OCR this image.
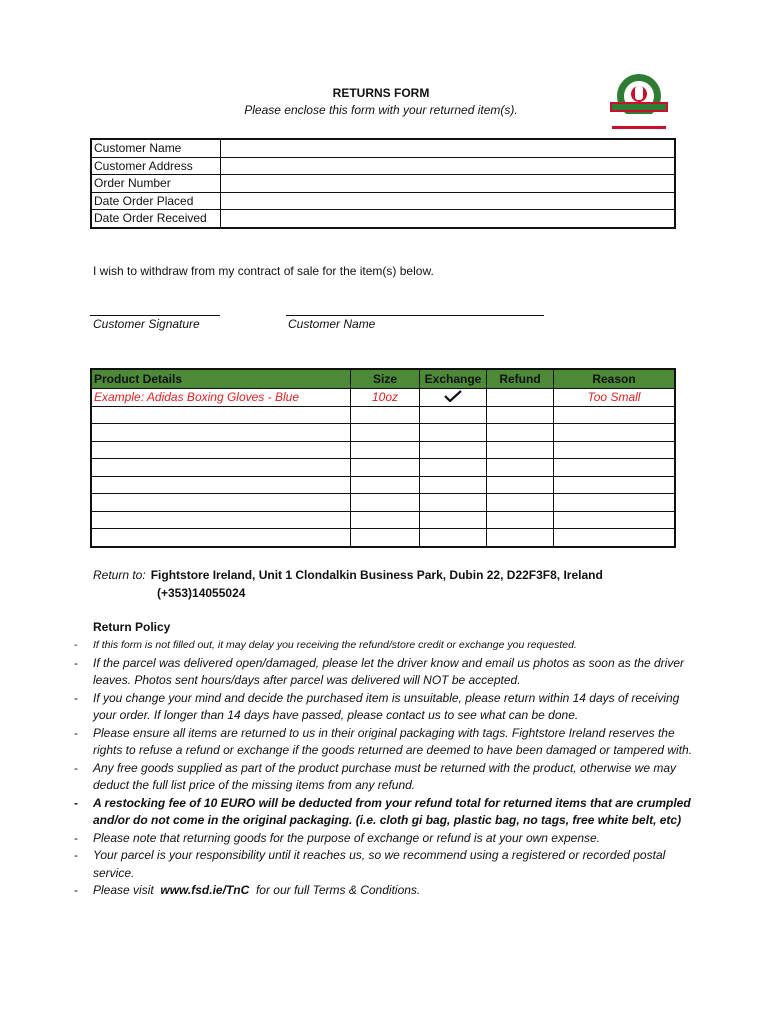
RETURNS FORM
Please enclose this form with your returned item(s).
Customer Name	
Customer Address	
Order Number	
Date Order Placed	
Date Order Received	
I wish to withdraw from my contract of sale for the item(s) below.
Customer Signature	Customer Name
Product Details	Size	Exchange	Refund	Reason
Example: Adidas Boxing Gloves - Blue	10oz			Too Small

Return to: Fightstore Ireland, Unit 1 Clondalkin Business Park, Dubin 22, D22F3F8, Ireland
(+353)14055024
Return Policy
- If this form is not filled out, it may delay you receiving the refund/store credit or exchange you requested.
- If the parcel was delivered open/damaged, please let the driver know and email us photos as soon as the driver leaves. Photos sent hours/days after parcel was delivered will NOT be accepted.
- If you change your mind and decide the purchased item is unsuitable, please return within 14 days of receiving your order. If longer than 14 days have passed, please contact us to see what can be done.
- Please ensure all items are returned to us in their original packaging with tags. Fightstore Ireland reserves the rights to refuse a refund or exchange if the goods returned are deemed to have been damaged or tampered with.
- Any free goods supplied as part of the product purchase must be returned with the product, otherwise we may deduct the full list price of the missing items from any refund.
- A restocking fee of 10 EURO will be deducted from your refund total for returned items that are crumpled and/or do not come in the original packaging. (i.e. cloth gi bag, plastic bag, no tags, free white belt, etc)
- Please note that returning goods for the purpose of exchange or refund is at your own expense.
- Your parcel is your responsibility until it reaches us, so we recommend using a registered or recorded postal service.
- Please visit www.fsd.ie/TnC for our full Terms & Conditions.
